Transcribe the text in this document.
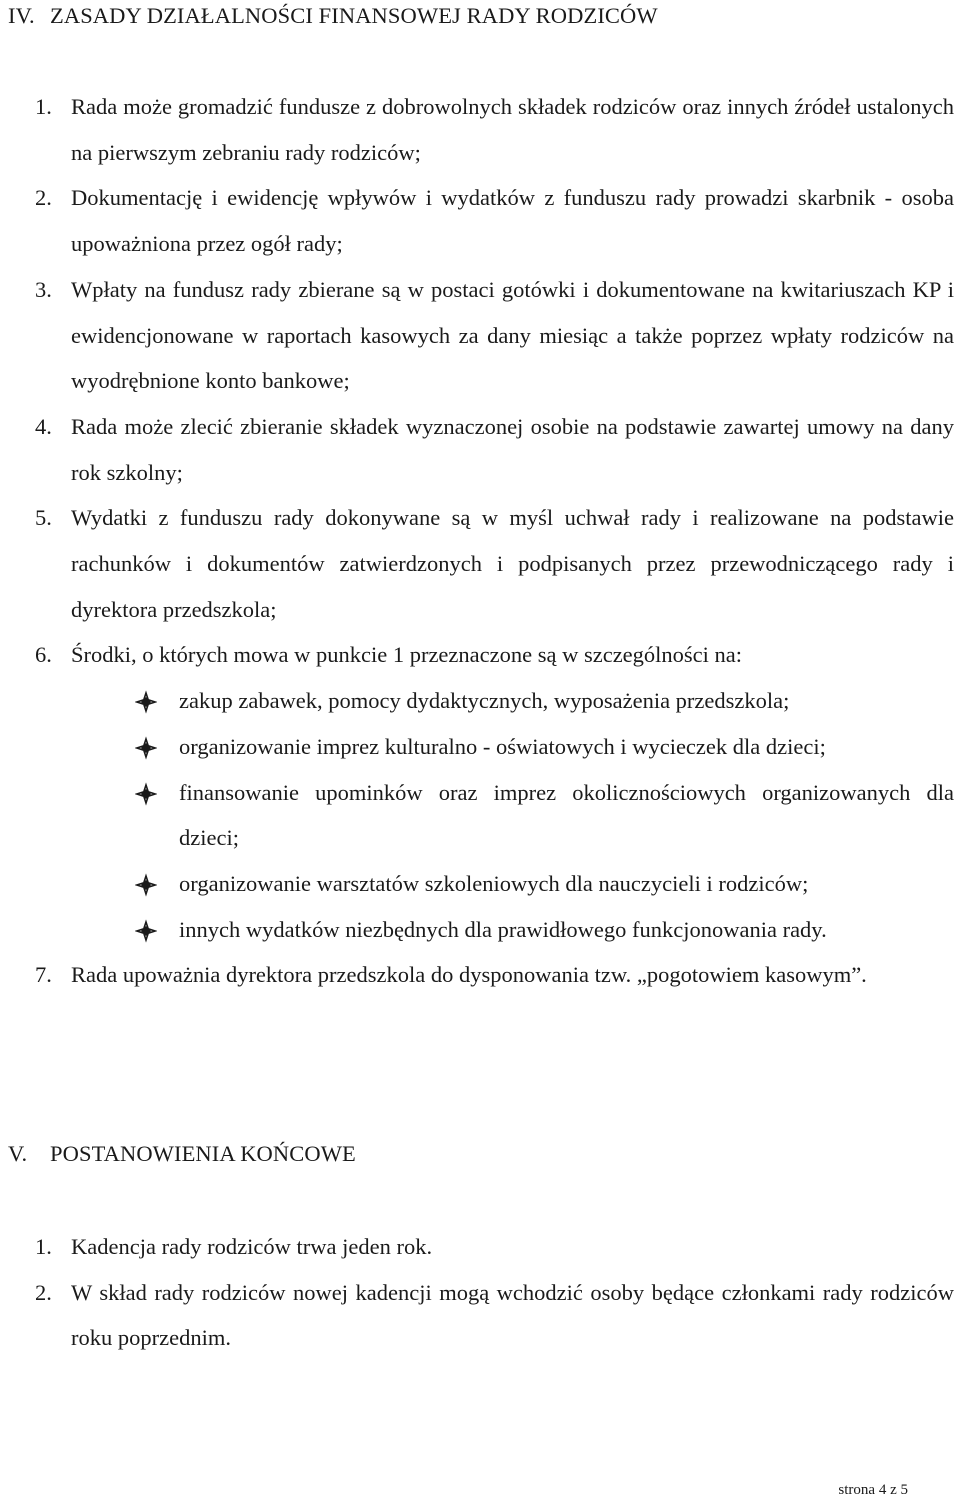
IV. ZASADY DZIAŁALNOŚCI FINANSOWEJ RADY RODZICÓW
1. Rada może gromadzić fundusze z dobrowolnych składek rodziców oraz innych źródeł ustalonych na pierwszym zebraniu rady rodziców;
2. Dokumentację i ewidencję wpływów i wydatków z funduszu rady prowadzi skarbnik - osoba upoważniona przez ogół rady;
3. Wpłaty na fundusz rady zbierane są w postaci gotówki i dokumentowane na kwitariuszach KP i ewidencjonowane w raportach kasowych za dany miesiąc a także poprzez wpłaty rodziców na wyodrębnione konto bankowe;
4. Rada może zlecić zbieranie składek wyznaczonej osobie na podstawie zawartej umowy na dany rok szkolny;
5. Wydatki z funduszu rady dokonywane są w myśl uchwał rady i realizowane na podstawie rachunków i dokumentów zatwierdzonych i podpisanych przez przewodniczącego rady i dyrektora przedszkola;
6. Środki, o których mowa w punkcie 1 przeznaczone są w szczególności na:
zakup zabawek, pomocy dydaktycznych, wyposażenia przedszkola;
organizowanie imprez kulturalno - oświatowych i wycieczek dla dzieci;
finansowanie upominków oraz imprez okolicznościowych organizowanych dla dzieci;
organizowanie warsztatów szkoleniowych dla nauczycieli i rodziców;
innych wydatków niezbędnych dla prawidłowego funkcjonowania rady.
7. Rada upoważnia dyrektora przedszkola do dysponowania tzw. „pogotowiem kasowym”.
V. POSTANOWIENIA KOŃCOWE
1. Kadencja rady rodziców trwa jeden rok.
2. W skład rady rodziców nowej kadencji mogą wchodzić osoby będące członkami rady rodziców roku poprzednim.
strona 4 z 5
